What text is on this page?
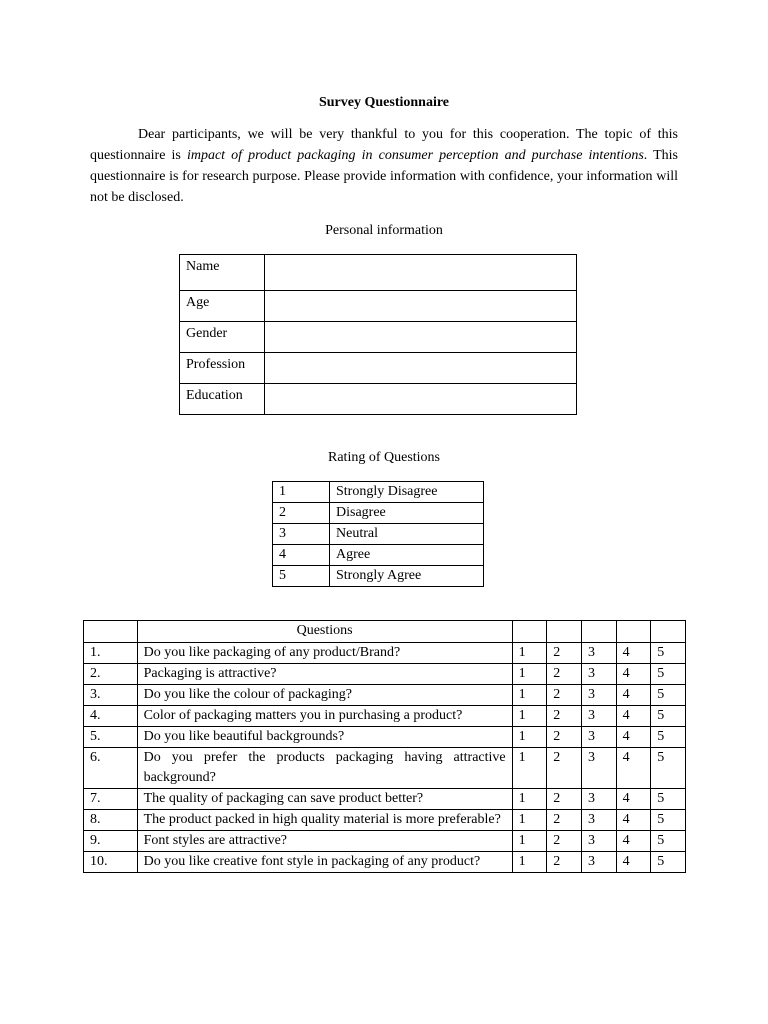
Survey Questionnaire

Dear participants, we will be very thankful to you for this cooperation. The topic of this questionnaire is impact of product packaging in consumer perception and purchase intentions. This questionnaire is for research purpose. Please provide information with confidence, your information will not be disclosed.

Personal information
Name	
Age	
Gender	
Profession	
Education	
Rating of Questions
1	Strongly Disagree
2	Disagree
3	Neutral
4	Agree
5	Strongly Agree
	Questions					
1.	Do you like packaging of any product/Brand?	1	2	3	4	5
2.	Packaging is attractive?	1	2	3	4	5
3.	Do you like the colour of packaging?	1	2	3	4	5
4.	Color of packaging matters you in purchasing a product?	1	2	3	4	5
5.	Do you like beautiful backgrounds?	1	2	3	4	5
6.	Do you prefer the products packaging having attractive background?	1	2	3	4	5
7.	The quality of packaging can save product better?	1	2	3	4	5
8.	The product packed in high quality material is more preferable?	1	2	3	4	5
9.	Font styles are attractive?	1	2	3	4	5
10.	Do you like creative font style in packaging of any product?	1	2	3	4	5
